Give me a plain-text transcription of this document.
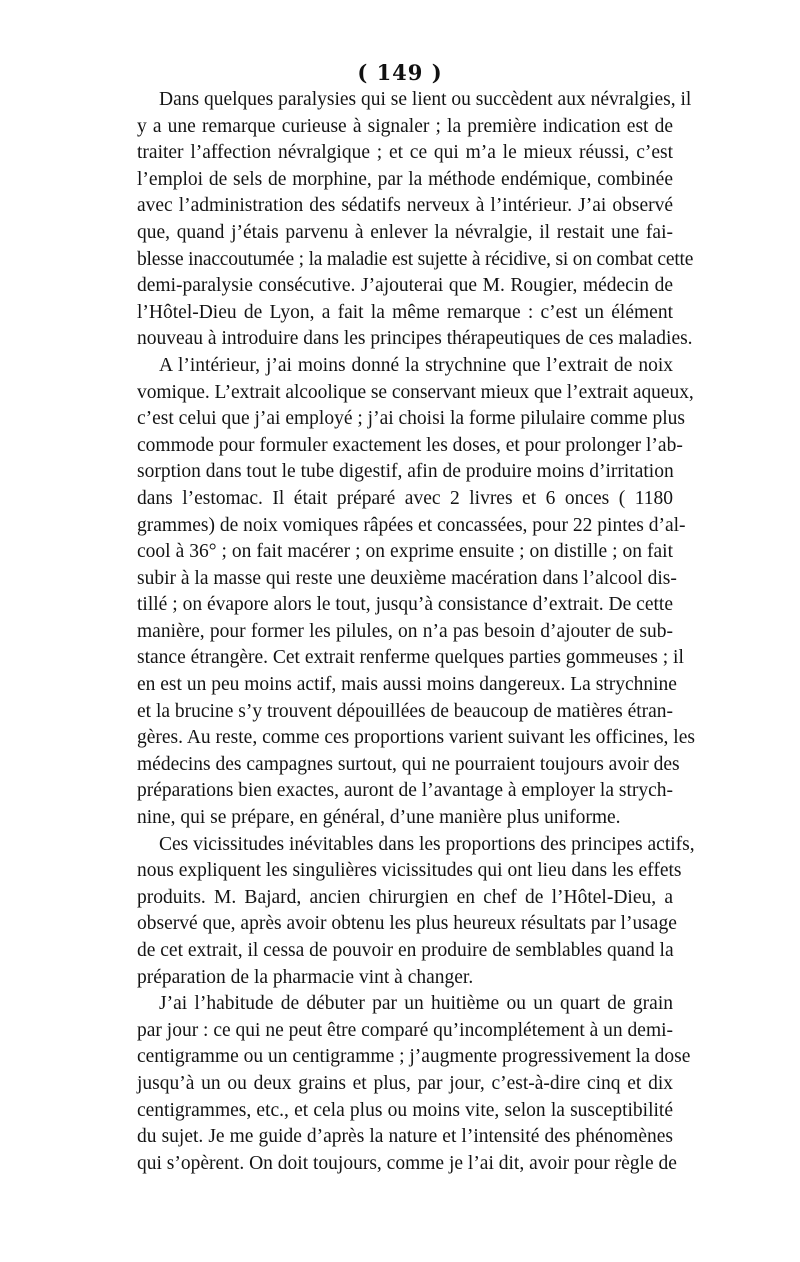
( 149 )
Dans quelques paralysies qui se lient ou succèdent aux névralgies, il
y a une remarque curieuse à signaler ; la première indication est de
traiter l’affection névralgique ; et ce qui m’a le mieux réussi, c’est
l’emploi de sels de morphine, par la méthode endémique, combinée
avec l’administration des sédatifs nerveux à l’intérieur. J’ai observé
que, quand j’étais parvenu à enlever la névralgie, il restait une fai-
blesse inaccoutumée ; la maladie est sujette à récidive, si on combat cette
demi-paralysie consécutive. J’ajouterai que M. Rougier, médecin de
l’Hôtel-Dieu de Lyon, a fait la même remarque : c’est un élément
nouveau à introduire dans les principes thérapeutiques de ces maladies.
A l’intérieur, j’ai moins donné la strychnine que l’extrait de noix
vomique. L’extrait alcoolique se conservant mieux que l’extrait aqueux,
c’est celui que j’ai employé ; j’ai choisi la forme pilulaire comme plus
commode pour formuler exactement les doses, et pour prolonger l’ab-
sorption dans tout le tube digestif, afin de produire moins d’irritation
dans l’estomac. Il était préparé avec 2 livres et 6 onces ( 1180
grammes) de noix vomiques râpées et concassées, pour 22 pintes d’al-
cool à 36° ; on fait macérer ; on exprime ensuite ; on distille ; on fait
subir à la masse qui reste une deuxième macération dans l’alcool dis-
tillé ; on évapore alors le tout, jusqu’à consistance d’extrait. De cette
manière, pour former les pilules, on n’a pas besoin d’ajouter de sub-
stance étrangère. Cet extrait renferme quelques parties gommeuses ; il
en est un peu moins actif, mais aussi moins dangereux. La strychnine
et la brucine s’y trouvent dépouillées de beaucoup de matières étran-
gères. Au reste, comme ces proportions varient suivant les officines, les
médecins des campagnes surtout, qui ne pourraient toujours avoir des
préparations bien exactes, auront de l’avantage à employer la strych-
nine, qui se prépare, en général, d’une manière plus uniforme.
Ces vicissitudes inévitables dans les proportions des principes actifs,
nous expliquent les singulières vicissitudes qui ont lieu dans les effets
produits. M. Bajard, ancien chirurgien en chef de l’Hôtel-Dieu, a
observé que, après avoir obtenu les plus heureux résultats par l’usage
de cet extrait, il cessa de pouvoir en produire de semblables quand la
préparation de la pharmacie vint à changer.
J’ai l’habitude de débuter par un huitième ou un quart de grain
par jour : ce qui ne peut être comparé qu’incomplétement à un demi-
centigramme ou un centigramme ; j’augmente progressivement la dose
jusqu’à un ou deux grains et plus, par jour, c’est-à-dire cinq et dix
centigrammes, etc., et cela plus ou moins vite, selon la susceptibilité
du sujet. Je me guide d’après la nature et l’intensité des phénomènes
qui s’opèrent. On doit toujours, comme je l’ai dit, avoir pour règle de
